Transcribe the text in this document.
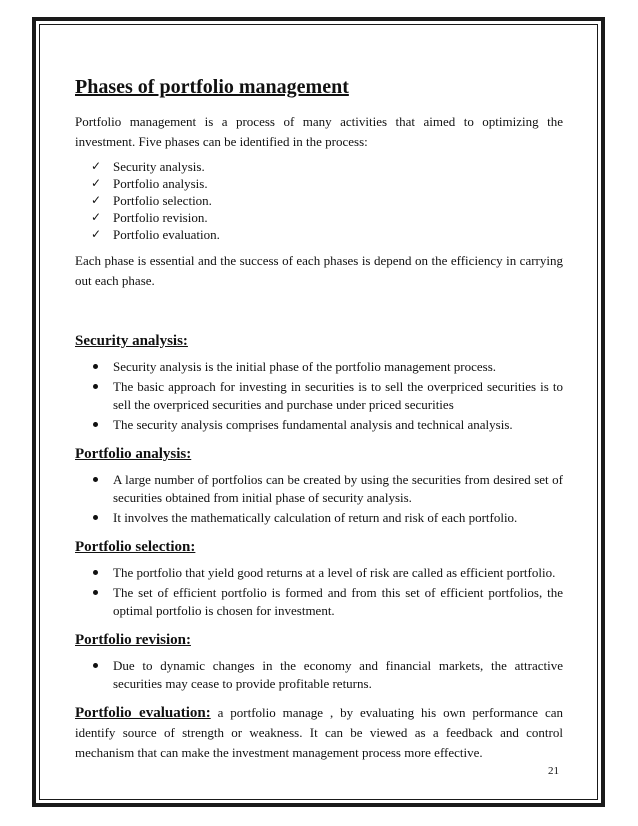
Phases of portfolio management

Portfolio management is a process of many activities that aimed to optimizing the investment. Five phases can be identified in the process:

✓ Security analysis.
✓ Portfolio analysis.
✓ Portfolio selection.
✓ Portfolio revision.
✓ Portfolio evaluation.

Each phase is essential and the success of each phases is depend on the efficiency in carrying out each phase.

Security analysis:
Security analysis is the initial phase of the portfolio management process.
The basic approach for investing in securities is to sell the overpriced securities is to sell the overpriced securities and purchase under priced securities
The security analysis comprises fundamental analysis and technical analysis.
Portfolio analysis:
A large number of portfolios can be created by using the securities from desired set of securities obtained from initial phase of security analysis.
It involves the mathematically calculation of return and risk of each portfolio.
Portfolio selection:
The portfolio that yield good returns at a level of risk are called as efficient portfolio.
The set of efficient portfolio is formed and from this set of efficient portfolios, the optimal portfolio is chosen for investment.
Portfolio revision:
Due to dynamic changes in the economy and financial markets, the attractive securities may cease to provide profitable returns.
Portfolio evaluation: a portfolio manage , by evaluating his own performance can identify source of strength or weakness. It can be viewed as a feedback and control mechanism that can make the investment management process more effective.
21
